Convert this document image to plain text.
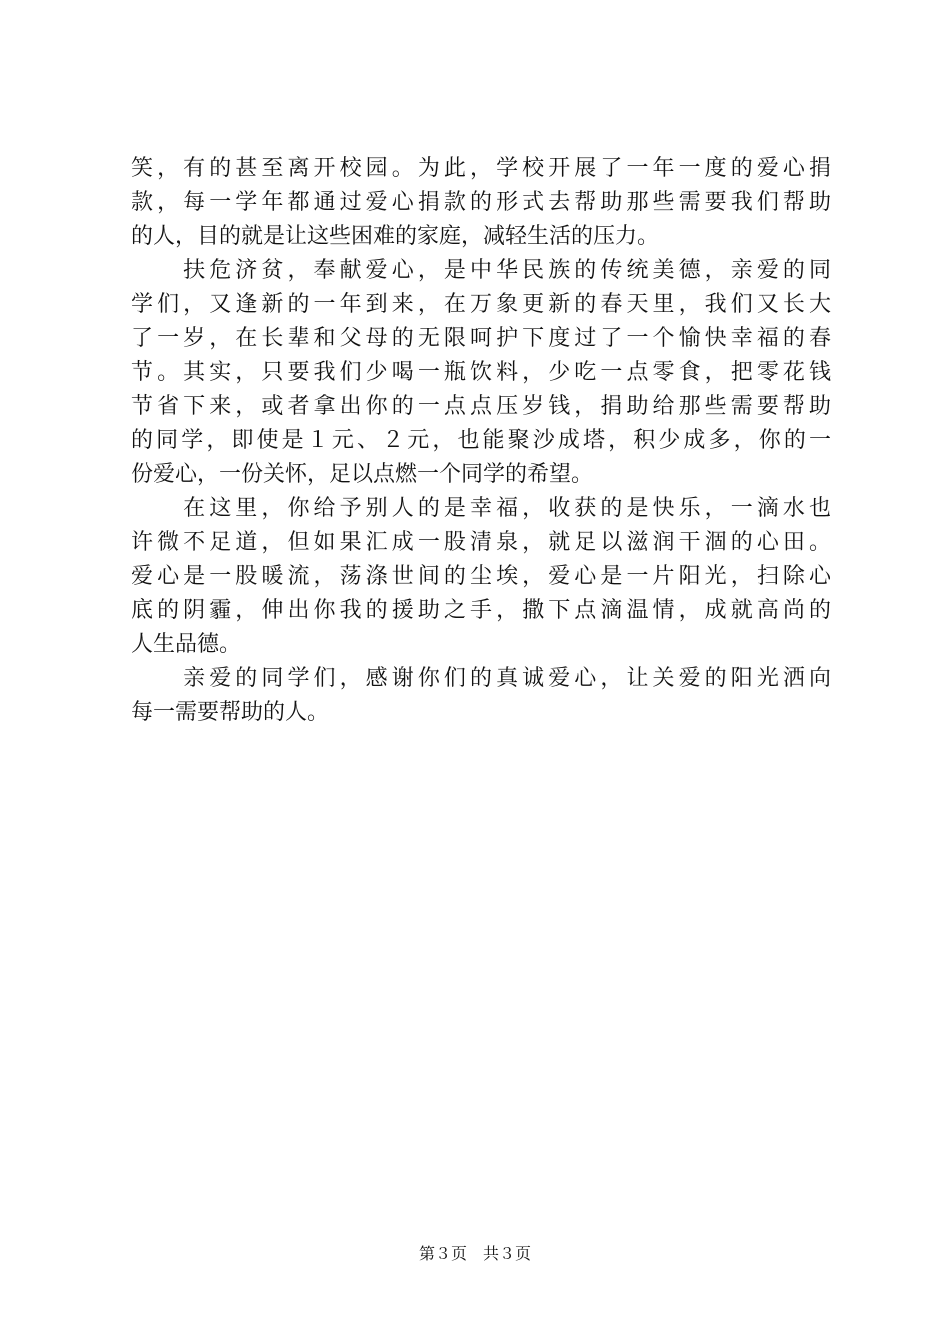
笑，有的甚至离开校园。为此，学校开展了一年一度的爱心捐
款，每一学年都通过爱心捐款的形式去帮助那些需要我们帮助
的人，目的就是让这些困难的家庭，减轻生活的压力。
　　扶危济贫，奉献爱心，是中华民族的传统美德，亲爱的同
学们，又逢新的一年到来，在万象更新的春天里，我们又长大
了一岁，在长辈和父母的无限呵护下度过了一个愉快幸福的春
节。其实，只要我们少喝一瓶饮料，少吃一点零食，把零花钱
节省下来，或者拿出你的一点点压岁钱，捐助给那些需要帮助
的同学，即使是１元、２元，也能聚沙成塔，积少成多，你的一
份爱心，一份关怀，足以点燃一个同学的希望。
　　在这里，你给予别人的是幸福，收获的是快乐，一滴水也
许微不足道，但如果汇成一股清泉，就足以滋润干涸的心田。
爱心是一股暖流，荡涤世间的尘埃，爱心是一片阳光，扫除心
底的阴霾，伸出你我的援助之手，撒下点滴温情，成就高尚的
人生品德。
　　亲爱的同学们，感谢你们的真诚爱心，让关爱的阳光洒向
每一需要帮助的人。
第３页　共３页
